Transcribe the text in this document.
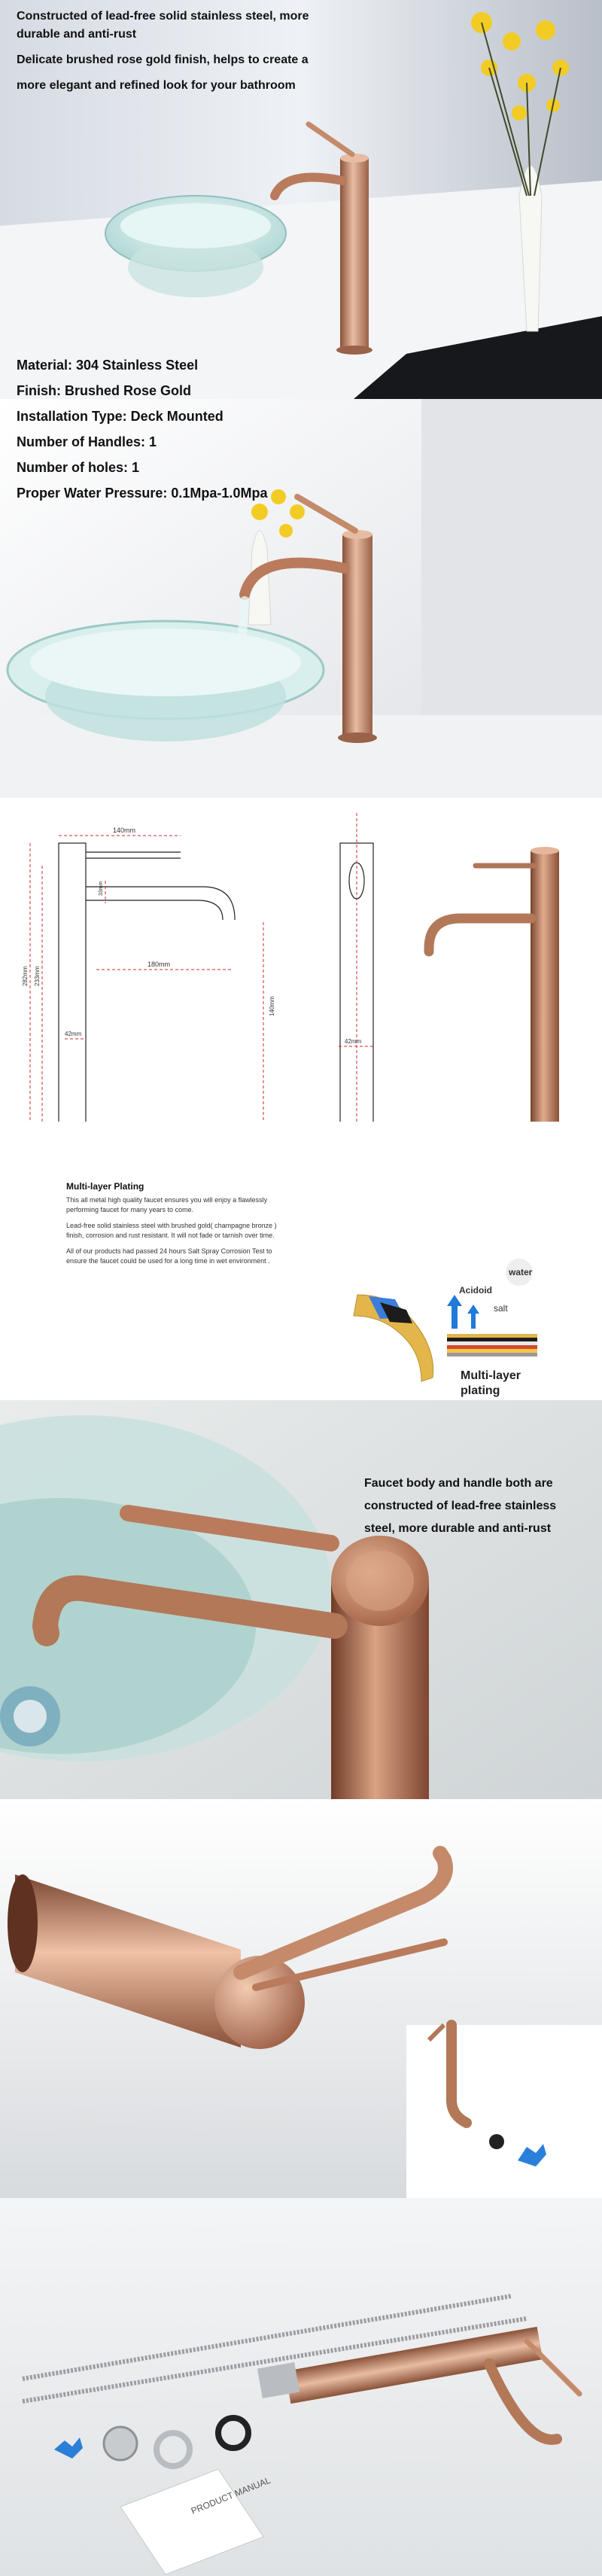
Constructed of lead-free solid stainless steel, more
durable and anti-rust
Delicate brushed rose gold finish, helps to create a
more elegant and refined look for your bathroom
Material: 304 Stainless Steel
Finish: Brushed Rose Gold
Installation Type: Deck Mounted
Number of Handles: 1
Number of holes: 1
Proper Water Pressure: 0.1Mpa-1.0Mpa
140mm
180mm
42mm
282mm 233mm
140mm
33mm
42mm
Multi-layer Plating
This all metal high quality faucet ensures you will enjoy a flawlessly
performing faucet for many years to come.
Lead-free solid stainless steel with brushed gold( champagne bronze )
finish, corrosion and rust resistant. It will not fade or tarnish over time.
All of our products had passed 24 hours Salt Spray Corrosion Test to
ensure the faucet could be used for a long time in wet environment .
Acidoid
salt
water
Multi-layer
plating
Faucet body and handle both are
constructed of lead-free stainless
steel, more durable and anti-rust
PRODUCT MANUAL
